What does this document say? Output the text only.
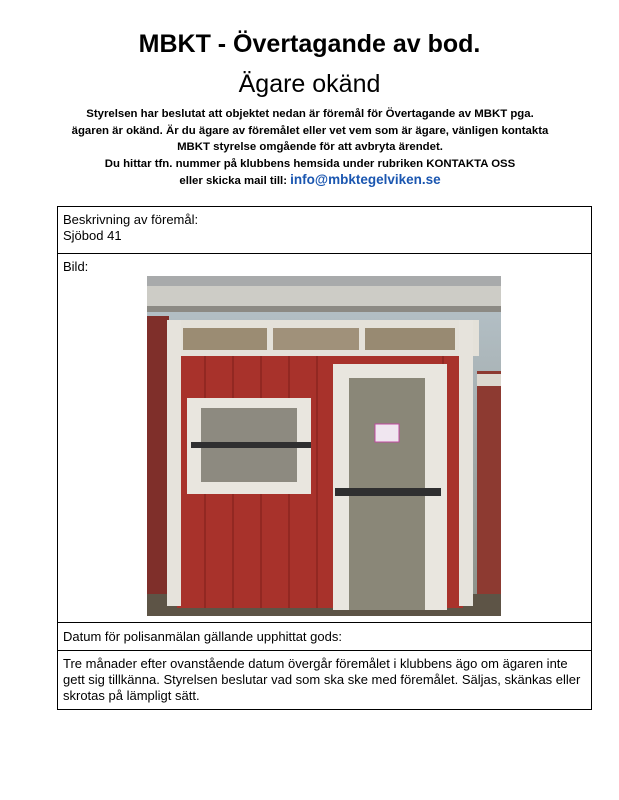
MBKT - Övertagande av bod.
Ägare okänd
Styrelsen har beslutat att objektet nedan är föremål för Övertagande av MBKT pga.
ägaren är okänd. Är du ägare av föremålet eller vet vem som är ägare, vänligen kontakta
MBKT styrelse omgående för att avbryta ärendet.
Du hittar tfn. nummer på klubbens hemsida under rubriken KONTAKTA OSS
eller skicka mail till: info@mbktegelviken.se
Beskrivning av föremål:
Sjöbod 41

Bild:

Datum för polisanmälan gällande upphittat gods:
Tre månader efter ovanstående datum övergår föremålet i klubbens ägo om ägaren inte gett sig tillkänna. Styrelsen beslutar vad som ska ske med föremålet. Säljas, skänkas eller skrotas på lämpligt sätt.
